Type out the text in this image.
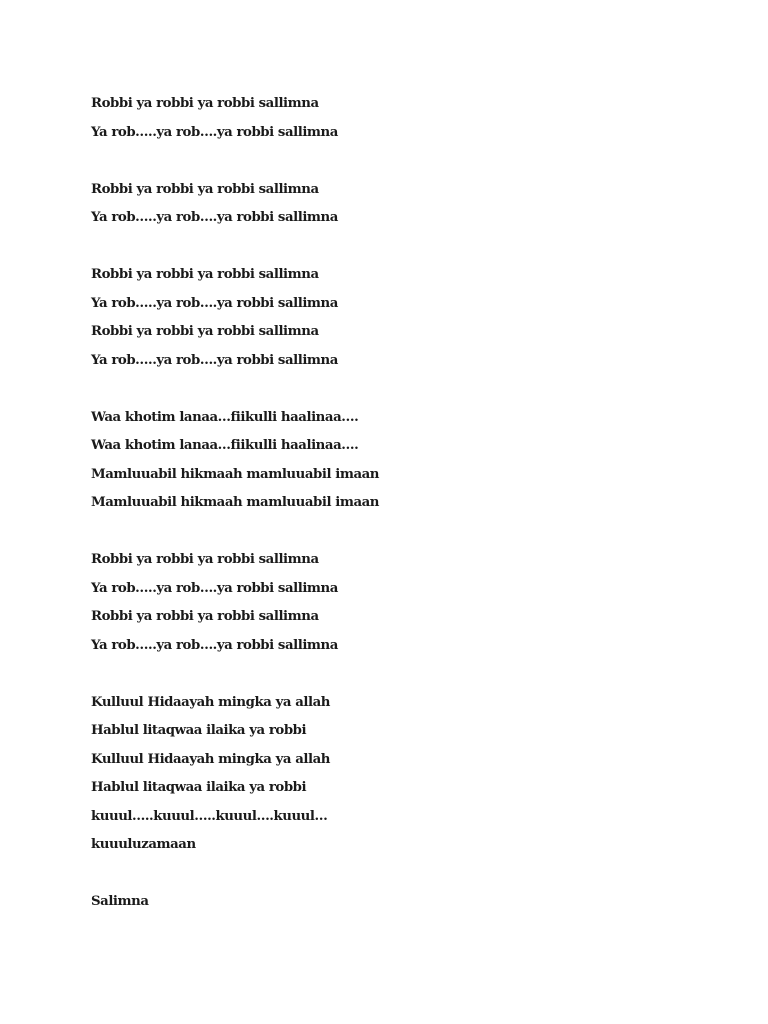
Robbi ya robbi ya robbi sallimna
Ya rob…..ya rob….ya robbi sallimna
Robbi ya robbi ya robbi sallimna
Ya rob…..ya rob….ya robbi sallimna
Robbi ya robbi ya robbi sallimna
Ya rob…..ya rob….ya robbi sallimna
Robbi ya robbi ya robbi sallimna
Ya rob…..ya rob….ya robbi sallimna
Waa khotim lanaa…fiikulli haalinaa….
Waa khotim lanaa…fiikulli haalinaa….
Mamluuabil hikmaah mamluuabil imaan
Mamluuabil hikmaah mamluuabil imaan
Robbi ya robbi ya robbi sallimna
Ya rob…..ya rob….ya robbi sallimna
Robbi ya robbi ya robbi sallimna
Ya rob…..ya rob….ya robbi sallimna
Kulluul Hidaayah mingka ya allah
Hablul litaqwaa ilaika ya robbi
Kulluul Hidaayah mingka ya allah
Hablul litaqwaa ilaika ya robbi
kuuul…..kuuul…..kuuul….kuuul…
kuuuluzamaan
Salimna
